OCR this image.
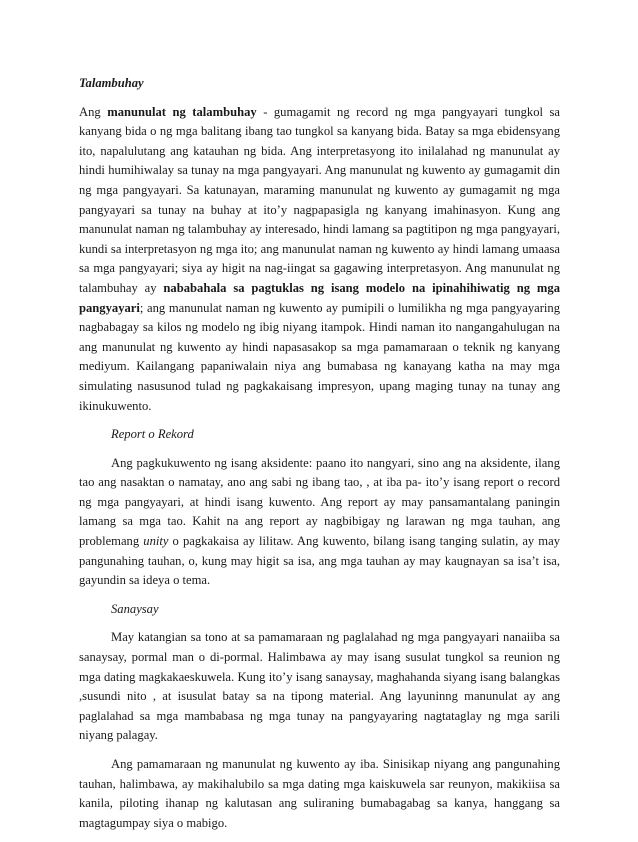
Talambuhay

Ang manunulat ng talambuhay - gumagamit ng record ng mga pangyayari tungkol sa kanyang bida o ng mga balitang ibang tao tungkol sa kanyang bida. Batay sa mga ebidensyang ito, napalulutang ang katauhan ng bida. Ang interpretasyong ito inilalahad ng manunulat ay hindi humihiwalay sa tunay na mga pangyayari. Ang manunulat ng kuwento ay gumagamit din ng mga pangyayari. Sa katunayan, maraming manunulat ng kuwento ay gumagamit ng mga pangyayari sa tunay na buhay at ito’y nagpapasigla ng kanyang imahinasyon. Kung ang manunulat naman ng talambuhay ay interesado, hindi lamang sa pagtitipon ng mga pangyayari, kundi sa interpretasyon ng mga ito; ang manunulat naman ng kuwento ay hindi lamang umaasa sa mga pangyayari; siya ay higit na nag-iingat sa gagawing interpretasyon. Ang manunulat ng talambuhay ay nababahala sa pagtuklas ng isang modelo na ipinahihiwatig ng mga pangyayari; ang manunulat naman ng kuwento ay pumipili o lumilikha ng mga pangyayaring nagbabagay sa kilos ng modelo ng ibig niyang itampok. Hindi naman ito nangangahulugan na ang manunulat ng kuwento ay hindi napasasakop sa mga pamamaraan o teknik ng kanyang mediyum. Kailangang papaniwalain niya ang bumabasa ng kanayang katha na may mga simulating nasusunod tulad ng pagkakaisang impresyon, upang maging tunay na tunay ang ikinukuwento.

Report o Rekord

Ang pagkukuwento ng isang aksidente: paano ito nangyari, sino ang na aksidente, ilang tao ang nasaktan o namatay, ano ang sabi ng ibang tao, , at iba pa- ito’y isang report o record ng mga pangyayari, at hindi isang kuwento. Ang report ay may pansamantalang paningin lamang sa mga tao. Kahit na ang report ay nagbibigay ng larawan ng mga tauhan, ang problemang unity o pagkakaisa ay lilitaw. Ang kuwento, bilang isang tanging sulatin, ay may pangunahing tauhan, o, kung may higit sa isa, ang mga tauhan ay may kaugnayan sa isa’t isa, gayundin sa ideya o tema.

Sanaysay

May katangian sa tono at sa pamamaraan ng paglalahad ng mga pangyayari nanaiiba sa sanaysay, pormal man o di-pormal. Halimbawa ay may isang susulat tungkol sa reunion ng mga dating magkakaeskuwela. Kung ito’y isang sanaysay, maghahanda siyang isang balangkas ,susundi nito , at isusulat batay sa na tipong material. Ang layuninng manunulat ay ang paglalahad sa mga mambabasa ng mga tunay na pangyayaring nagtataglay ng mga sarili niyang palagay.

Ang pamamaraan ng manunulat ng kuwento ay iba. Sinisikap niyang ang pangunahing tauhan, halimbawa, ay makihalubilo sa mga dating mga kaiskuwela sar reunyon, makikiisa sa kanila, piloting ihanap ng kalutasan ang suliraning bumabagabag sa kanya, hanggang sa magtagumpay siya o mabigo.
